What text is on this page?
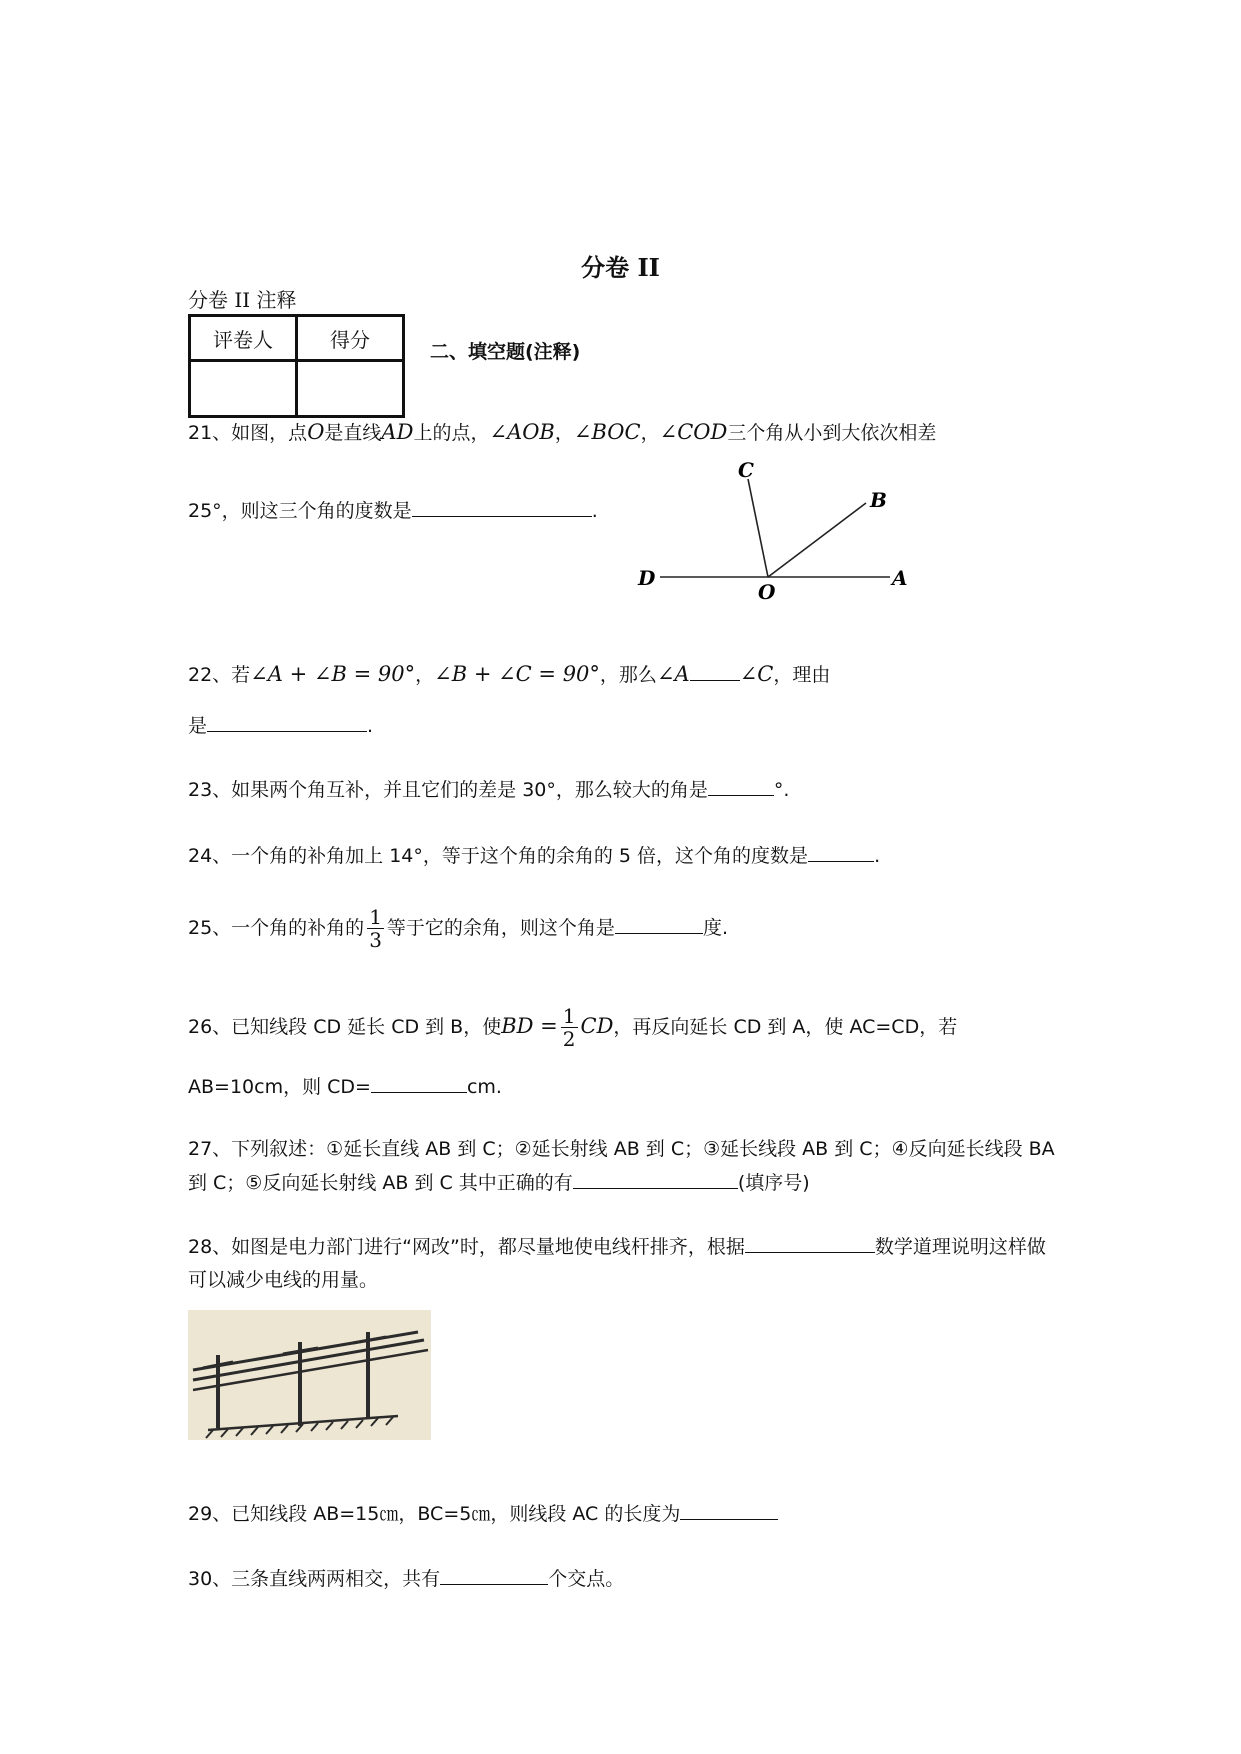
分卷 II
分卷 II 注释
评卷人	得分

二、填空题(注释)
21、如图，点O是直线AD上的点，∠AOB，∠BOC，∠COD三个角从小到大依次相差
25°，则这三个角的度数是	.
C
B
D
O
A
22、若∠A + ∠B = 90°，∠B + ∠C = 90°，那么∠A ∠C，理由
是	.
23、如果两个角互补，并且它们的差是 30°，那么较大的角是	°.
24、一个角的补角加上 14°，等于这个角的余角的 5 倍，这个角的度数是	.
25、一个角的补角的 $\frac{1}{3}$ 等于它的余角，则这个角是	度.
26、已知线段 CD 延长 CD 到 B，使BD = $\frac{1}{2}$ CD，再反向延长 CD 到 A，使 AC=CD，若
AB=10cm，则 CD=	cm.
27、下列叙述：①延长直线 AB 到 C；②延长射线 AB 到 C；③延长线段 AB 到 C；④反向延长线段 BA 到 C；⑤反向延长射线 AB 到 C 其中正确的有	(填序号)
28、如图是电力部门进行“网改”时，都尽量地使电线杆排齐，根据	数学道理说明这样做可以减少电线的用量。
29、已知线段 AB=15㎝，BC=5㎝，则线段 AC 的长度为
30、三条直线两两相交，共有	个交点。
